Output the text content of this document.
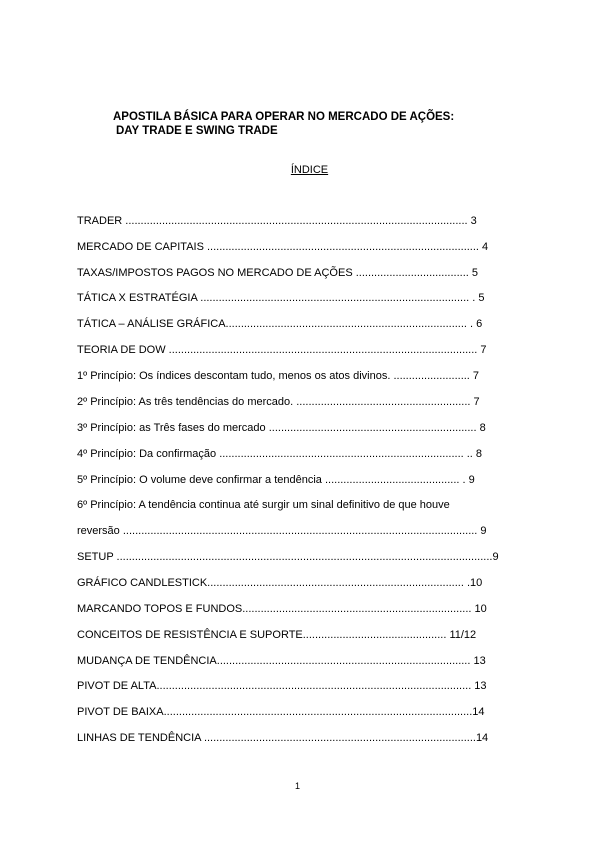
APOSTILA BÁSICA PARA OPERAR NO MERCADO DE AÇÕES:
DAY TRADE E SWING TRADE
ÍNDICE
TRADER ................................................................................................................ 3
MERCADO DE CAPITAIS ......................................................................................... 4
TAXAS/IMPOSTOS PAGOS NO MERCADO DE AÇÕES ..................................... 5
TÁTICA X ESTRATÉGIA ........................................................................................ . 5
TÁTICA – ANÁLISE GRÁFICA............................................................................... . 6
TEORIA DE DOW ..................................................................................................... 7
1º Princípio: Os índices descontam tudo, menos os atos divinos. ......................... 7
2º Princípio: As três tendências do mercado. ......................................................... 7
3º Princípio: as Três fases do mercado .................................................................... 8
4º Princípio: Da confirmação ................................................................................ .. 8
5º Princípio: O volume deve confirmar a tendência ............................................ . 9
6º Princípio: A tendência continua até surgir um sinal definitivo de que houve
reversão .................................................................................................................... 9
SETUP ...........................................................................................................................9
GRÁFICO CANDLESTICK.................................................................................... .10
MARCANDO TOPOS E FUNDOS........................................................................... 10
CONCEITOS DE RESISTÊNCIA E SUPORTE............................................... 11/12
MUDANÇA DE TENDÊNCIA................................................................................... 13
PIVOT DE ALTA....................................................................................................... 13
PIVOT DE BAIXA.....................................................................................................14
LINHAS DE TENDÊNCIA .........................................................................................14
1
